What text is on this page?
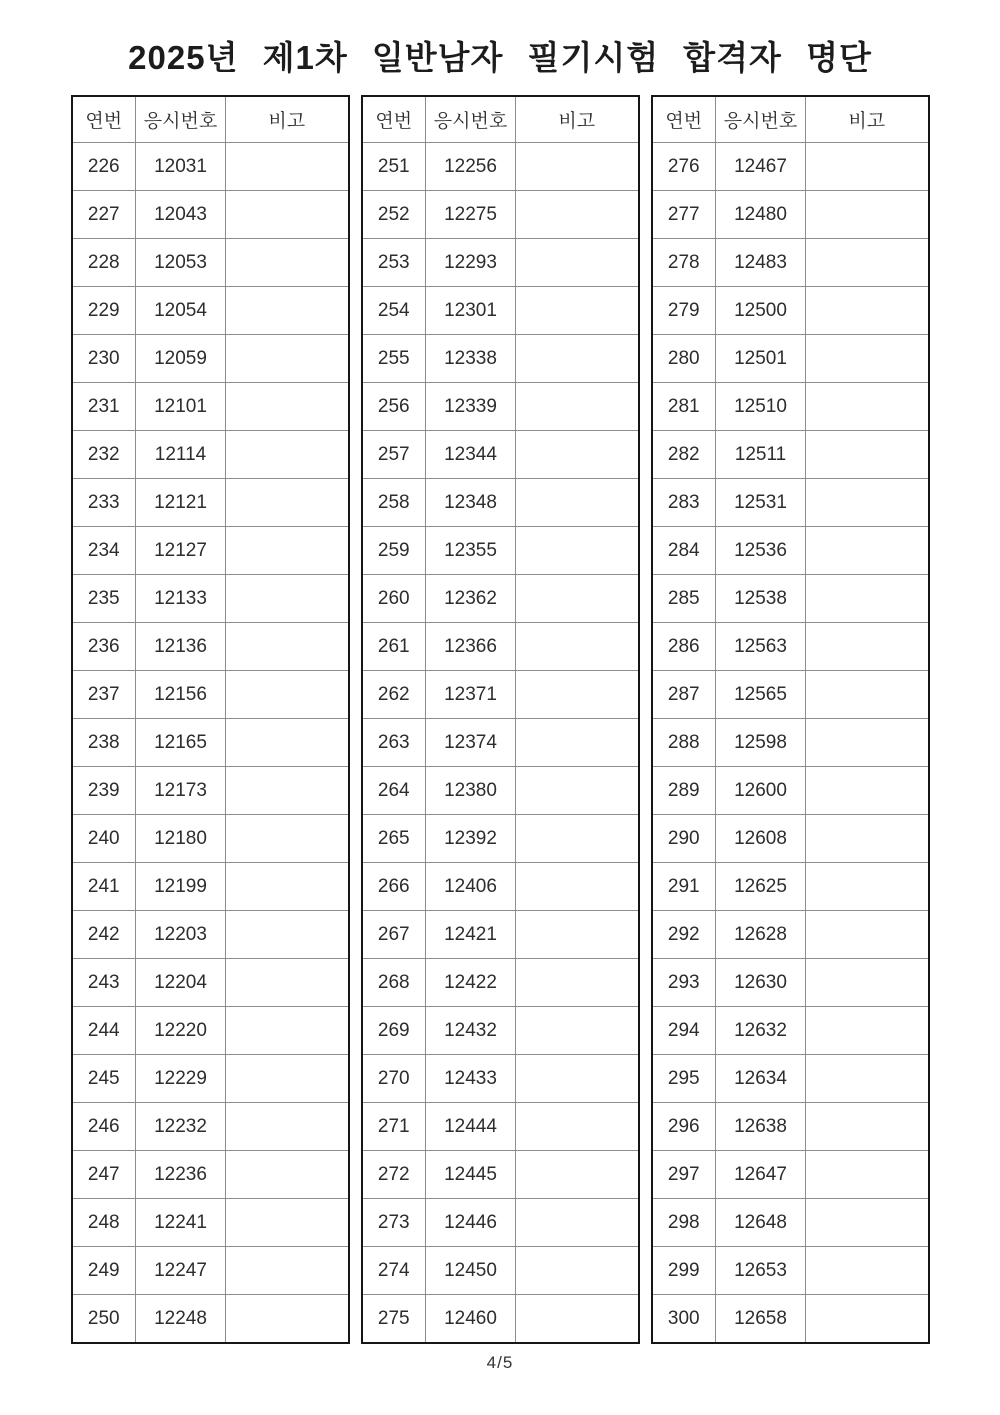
2025년 제1차 일반남자 필기시험 합격자 명단
연번	응시번호	비고
226	12031	
227	12043	
228	12053	
229	12054	
230	12059	
231	12101	
232	12114	
233	12121	
234	12127	
235	12133	
236	12136	
237	12156	
238	12165	
239	12173	
240	12180	
241	12199	
242	12203	
243	12204	
244	12220	
245	12229	
246	12232	
247	12236	
248	12241	
249	12247	
250	12248	
연번	응시번호	비고
251	12256	
252	12275	
253	12293	
254	12301	
255	12338	
256	12339	
257	12344	
258	12348	
259	12355	
260	12362	
261	12366	
262	12371	
263	12374	
264	12380	
265	12392	
266	12406	
267	12421	
268	12422	
269	12432	
270	12433	
271	12444	
272	12445	
273	12446	
274	12450	
275	12460	
연번	응시번호	비고
276	12467	
277	12480	
278	12483	
279	12500	
280	12501	
281	12510	
282	12511	
283	12531	
284	12536	
285	12538	
286	12563	
287	12565	
288	12598	
289	12600	
290	12608	
291	12625	
292	12628	
293	12630	
294	12632	
295	12634	
296	12638	
297	12647	
298	12648	
299	12653	
300	12658	
4/5
